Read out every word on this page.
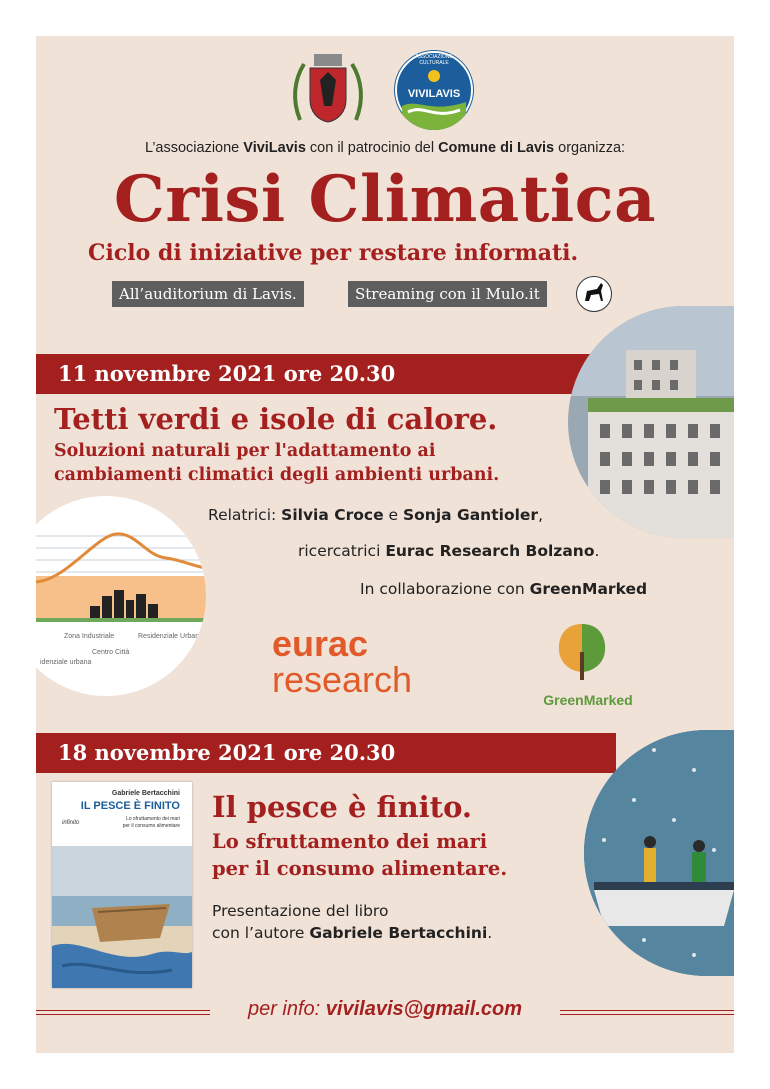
ASSOCIAZIONE CULTURALE
VIVILAVIS
L’associazione ViviLavis con il patrocinio del Comune di Lavis organizza:
Crisi Climatica
Ciclo di iniziative per restare informati.
All’auditorium di Lavis.	Streaming con il Mulo.it
11 novembre 2021 ore 20.30
Tetti verdi e isole di calore.
Soluzioni naturali per l'adattamento ai
cambiamenti climatici degli ambienti urbani.
Zona Industriale	Residenziale Urbana
Centro Città
idenziale urbana
Relatrici: Silvia Croce e Sonja Gantioler,
ricercatrici Eurac Research Bolzano.
In collaborazione con GreenMarked
eurac
research	GreenMarked
18 novembre 2021 ore 20.30
Gabriele Bertacchini
IL PESCE È FINITO
Lo sfruttamento dei mari per il consumo alimentare
infinito	Il pesce è finito.
Lo sfruttamento dei mari
per il consumo alimentare.
Presentazione del libro
con l’autore Gabriele Bertacchini.
per info: vivilavis@gmail.com
